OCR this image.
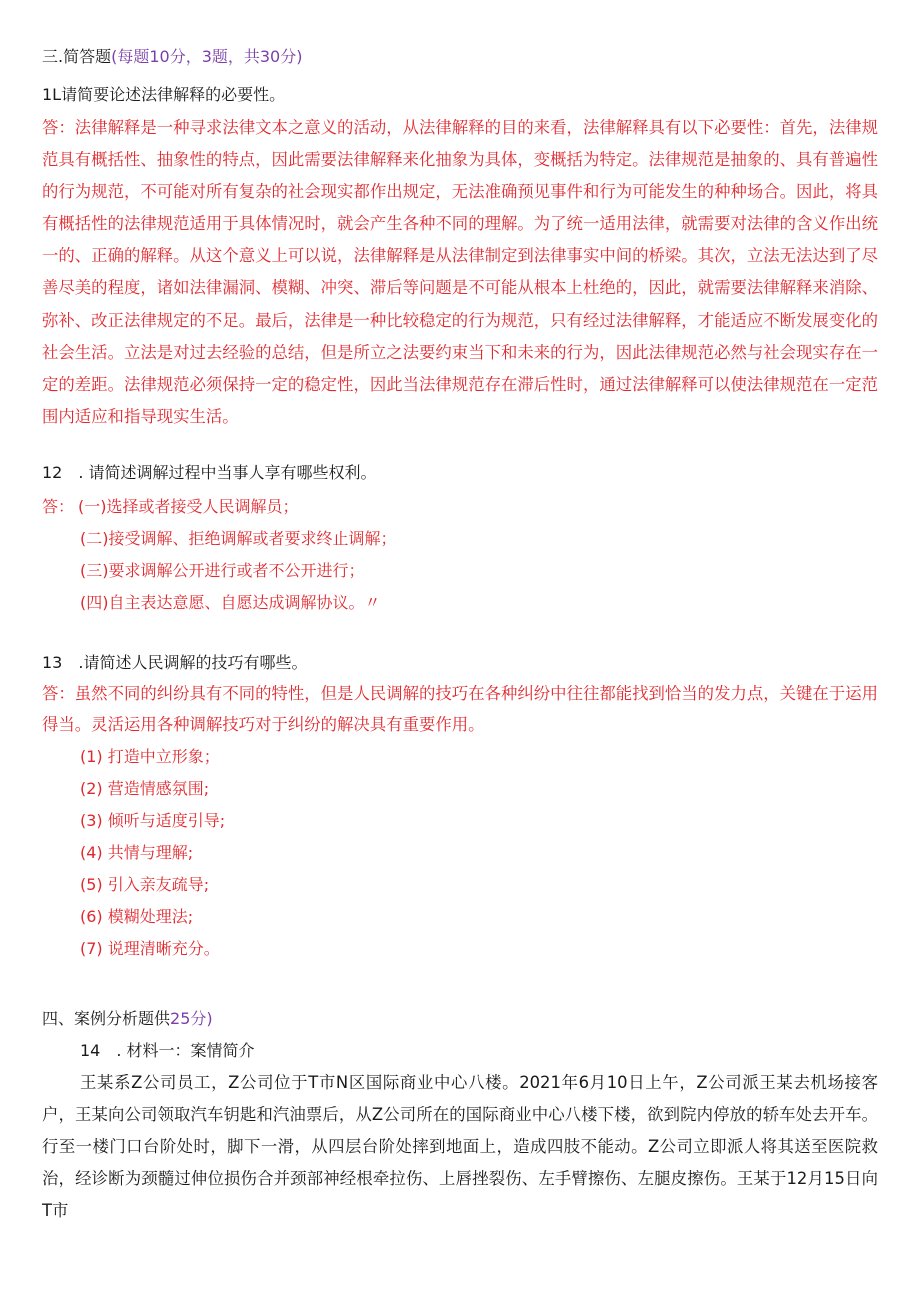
三.简答题(每题10分，3题，共30分)
1L请简要论述法律解释的必要性。
答：法律解释是一种寻求法律文本之意义的活动，从法律解释的目的来看，法律解释具有以下必要性：首先，法律规范具有概括性、抽象性的特点，因此需要法律解释来化抽象为具体，变概括为特定。法律规范是抽象的、具有普遍性的行为规范，不可能对所有复杂的社会现实都作出规定，无法准确预见事件和行为可能发生的种种场合。因此，将具有概括性的法律规范适用于具体情况时，就会产生各种不同的理解。为了统一适用法律，就需要对法律的含义作出统一的、正确的解释。从这个意义上可以说，法律解释是从法律制定到法律事实中间的桥梁。其次，立法无法达到了尽善尽美的程度，诸如法律漏洞、模糊、冲突、滞后等问题是不可能从根本上杜绝的，因此，就需要法律解释来消除、弥补、改正法律规定的不足。最后，法律是一种比较稳定的行为规范，只有经过法律解释，才能适应不断发展变化的社会生活。立法是对过去经验的总结，但是所立之法要约束当下和未来的行为，因此法律规范必然与社会现实存在一定的差距。法律规范必须保持一定的稳定性，因此当法律规范存在滞后性时，通过法律解释可以使法律规范在一定范围内适应和指导现实生活。
12　. 请简述调解过程中当事人享有哪些权利。
答： (一)选择或者接受人民调解员；
(二)接受调解、拒绝调解或者要求终止调解；
(三)要求调解公开进行或者不公开进行；
(四)自主表达意愿、自愿达成调解协议。〃
13　.请简述人民调解的技巧有哪些。
答：虽然不同的纠纷具有不同的特性，但是人民调解的技巧在各种纠纷中往往都能找到恰当的发力点，关键在于运用得当。灵活运用各种调解技巧对于纠纷的解决具有重要作用。
(1) 打造中立形象；
(2) 营造情感氛围;
(3) 倾听与适度引导;
(4) 共情与理解;
(5) 引入亲友疏导;
(6) 模糊处理法;
(7) 说理清晰充分。
四、案例分析题供25分)
14　. 材料一：案情简介
王某系Z公司员工，Z公司位于T市N区国际商业中心八楼。2021年6月10日上午，Z公司派王某去机场接客户，王某向公司领取汽车钥匙和汽油票后，从Z公司所在的国际商业中心八楼下楼，欲到院内停放的轿车处去开车。行至一楼门口台阶处时，脚下一滑，从四层台阶处摔到地面上，造成四肢不能动。Z公司立即派人将其送至医院救治，经诊断为颈髓过伸位损伤合并颈部神经根牵拉伤、上唇挫裂伤、左手臂擦伤、左腿皮擦伤。王某于12月15日向T市
